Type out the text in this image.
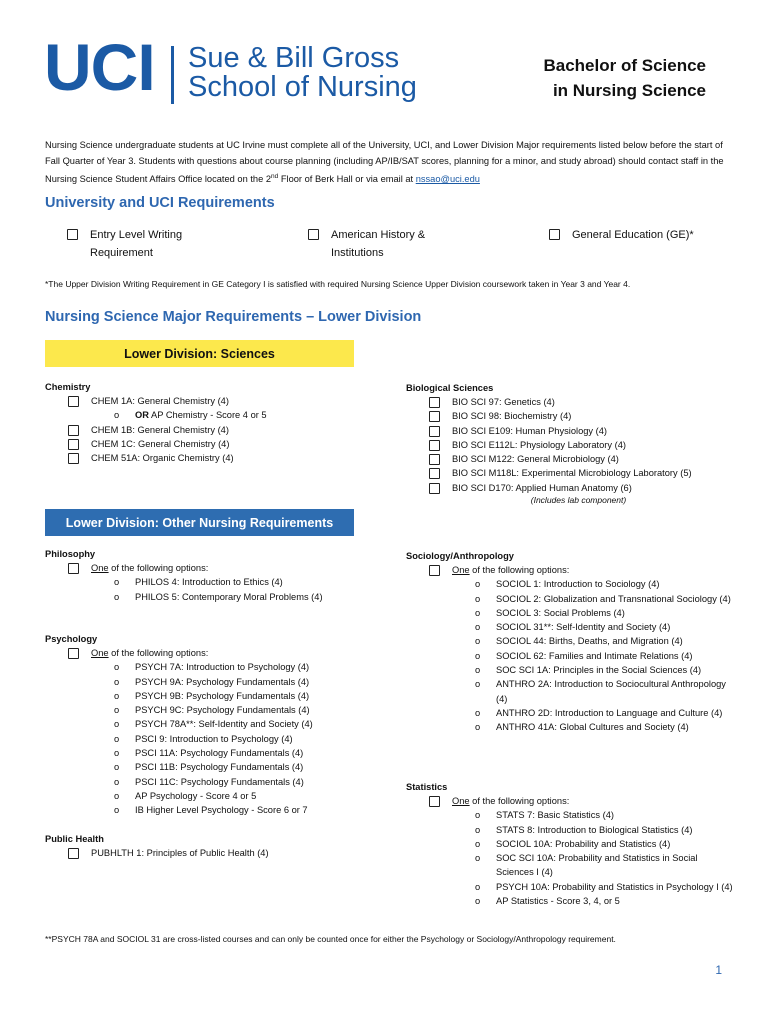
UCI Sue & Bill Gross
School of Nursing
Bachelor of Science
in Nursing Science
Nursing Science undergraduate students at UC Irvine must complete all of the University, UCI, and Lower Division Major requirements listed below before the start of Fall Quarter of Year 3. Students with questions about course planning (including AP/IB/SAT scores, planning for a minor, and study abroad) should contact staff in the Nursing Science Student Affairs Office located on the 2nd Floor of Berk Hall or via email at nssao@uci.edu
University and UCI Requirements
Entry Level Writing Requirement
American History & Institutions
General Education (GE)*
*The Upper Division Writing Requirement in GE Category I is satisfied with required Nursing Science Upper Division coursework taken in Year 3 and Year 4.
Nursing Science Major Requirements – Lower Division
Lower Division: Sciences
Chemistry
CHEM 1A: General Chemistry (4)
o	OR AP Chemistry - Score 4 or 5
CHEM 1B: General Chemistry (4)
CHEM 1C: General Chemistry (4)
CHEM 51A: Organic Chemistry (4)
Biological Sciences
BIO SCI 97: Genetics (4)
BIO SCI 98: Biochemistry (4)
BIO SCI E109: Human Physiology (4)
BIO SCI E112L: Physiology Laboratory (4)
BIO SCI M122: General Microbiology (4)
BIO SCI M118L: Experimental Microbiology Laboratory (5)
BIO SCI D170: Applied Human Anatomy (6)
(Includes lab component)
Lower Division: Other Nursing Requirements
Philosophy
One of the following options:
o	PHILOS 4: Introduction to Ethics (4)
o	PHILOS 5: Contemporary Moral Problems (4)
Psychology
One of the following options:
o	PSYCH 7A: Introduction to Psychology (4)
o	PSYCH 9A: Psychology Fundamentals (4)
o	PSYCH 9B: Psychology Fundamentals (4)
o	PSYCH 9C: Psychology Fundamentals (4)
o	PSYCH 78A**: Self-Identity and Society (4)
o	PSCI 9: Introduction to Psychology (4)
o	PSCI 11A: Psychology Fundamentals (4)
o	PSCI 11B: Psychology Fundamentals (4)
o	PSCI 11C: Psychology Fundamentals (4)
o	AP Psychology - Score 4 or 5
o	IB Higher Level Psychology - Score 6 or 7
Public Health
PUBHLTH 1: Principles of Public Health (4)
Sociology/Anthropology
One of the following options:
o	SOCIOL 1: Introduction to Sociology (4)
o	SOCIOL 2: Globalization and Transnational Sociology (4)
o	SOCIOL 3: Social Problems (4)
o	SOCIOL 31**: Self-Identity and Society (4)
o	SOCIOL 44: Births, Deaths, and Migration (4)
o	SOCIOL 62: Families and Intimate Relations (4)
o	SOC SCI 1A: Principles in the Social Sciences (4)
o	ANTHRO 2A: Introduction to Sociocultural Anthropology (4)
o	ANTHRO 2D: Introduction to Language and Culture (4)
o	ANTHRO 41A: Global Cultures and Society (4)
Statistics
One of the following options:
o	STATS 7: Basic Statistics (4)
o	STATS 8: Introduction to Biological Statistics (4)
o	SOCIOL 10A: Probability and Statistics (4)
o	SOC SCI 10A: Probability and Statistics in Social Sciences I (4)
o	PSYCH 10A: Probability and Statistics in Psychology I (4)
o	AP Statistics - Score 3, 4, or 5
**PSYCH 78A and SOCIOL 31 are cross-listed courses and can only be counted once for either the Psychology or Sociology/Anthropology requirement.
1
